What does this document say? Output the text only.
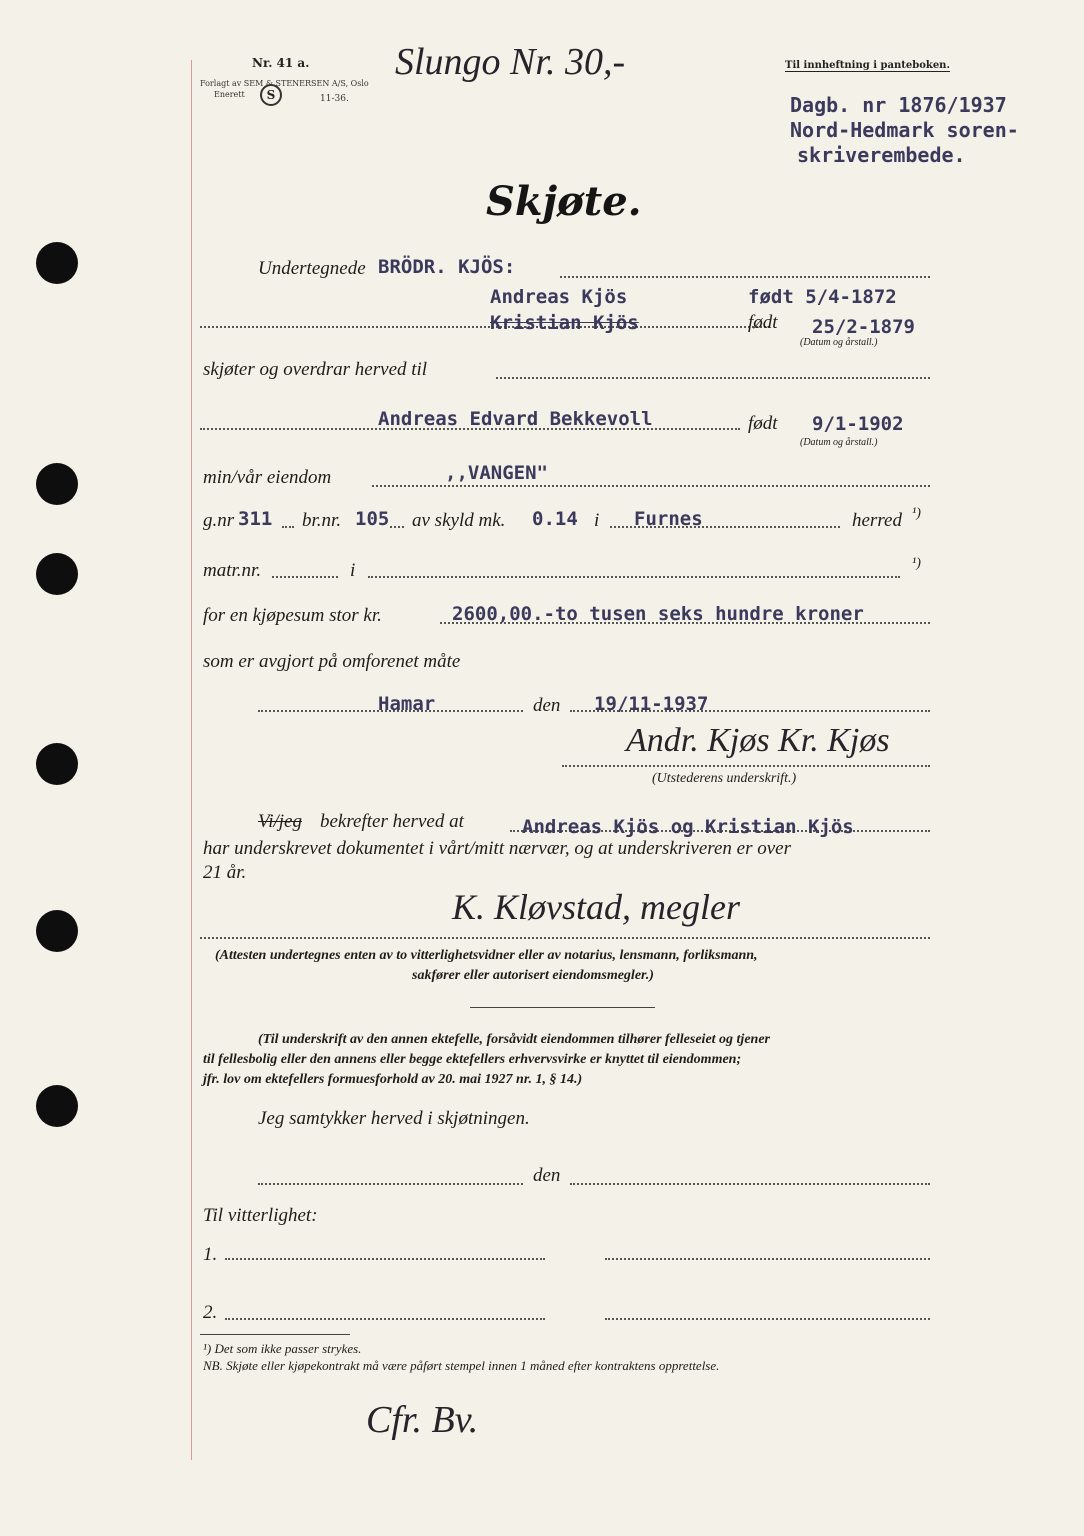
Nr. 41 a.
Forlagt av SEM & STENERSEN A/S, Oslo
Enerett	S	11-36.
Slungo Nr. 30,-	Til innheftning i panteboken.
Dagb. nr 1876/1937
Nord-Hedmark soren-
skriverembede.
Skjøte.
Undertegnede BRÖDR. KJÖS:
Andreas Kjös	født 5/4-1872
Kristian Kjös	født 25/2-1879
(Datum og årstall.)
skjøter og overdrar herved til
Andreas Edvard Bekkevoll	født 9/1-1902
(Datum og årstall.)
min/vår eiendom	,,VANGEN"
g.nr 311 br.nr. 105 av skyld mk. 0.14 i Furnes	herred ¹)
matr.nr.	i	¹)
for en kjøpesum stor kr.	2600,00.-to tusen seks hundre kroner
som er avgjort på omforenet måte
Hamar	den 19/11-1937
Andr. Kjøs Kr. Kjøs
(Utstederens underskrift.)
Vi/jeg bekrefter herved at	Andreas Kjös og Kristian Kjös
har underskrevet dokumentet i vårt/mitt nærvær, og at underskriveren er over
21 år.
K. Kløvstad, megler
(Attesten undertegnes enten av to vitterlighetsvidner eller av notarius, lensmann, forliksmann,
sakfører eller autorisert eiendomsmegler.)
(Til underskrift av den annen ektefelle, forsåvidt eiendommen tilhører felleseiet og tjener
til fellesbolig eller den annens eller begge ektefellers erhvervsvirke er knyttet til eiendommen;
jfr. lov om ektefellers formuesforhold av 20. mai 1927 nr. 1, § 14.)
Jeg samtykker herved i skjøtningen.
den
Til vitterlighet:
1.
2.
¹) Det som ikke passer strykes.
NB. Skjøte eller kjøpekontrakt må være påført stempel innen 1 måned efter kontraktens opprettelse.
Cfr. Bv.
